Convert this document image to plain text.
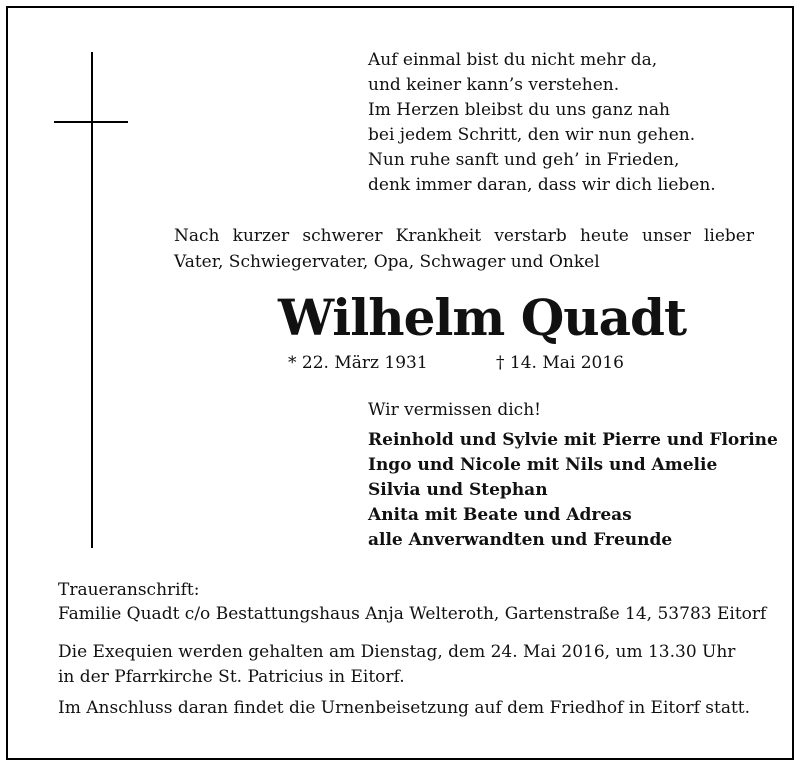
Auf einmal bist du nicht mehr da,
und keiner kann’s verstehen.
Im Herzen bleibst du uns ganz nah
bei jedem Schritt, den wir nun gehen.
Nun ruhe sanft und geh’ in Frieden,
denk immer daran, dass wir dich lieben.
Nach kurzer schwerer Krankheit verstarb heute unser lieber Vater, Schwiegervater, Opa, Schwager und Onkel
Wilhelm Quadt
* 22. März 1931	† 14. Mai 2016
Wir vermissen dich!
Reinhold und Sylvie mit Pierre und Florine
Ingo und Nicole mit Nils und Amelie
Silvia und Stephan
Anita mit Beate und Adreas
alle Anverwandten und Freunde
Traueranschrift:
Familie Quadt c/o Bestattungshaus Anja Welteroth, Gartenstraße 14, 53783 Eitorf
Die Exequien werden gehalten am Dienstag, dem 24. Mai 2016, um 13.30 Uhr in der Pfarrkirche St. Patricius in Eitorf.
Im Anschluss daran findet die Urnenbeisetzung auf dem Friedhof in Eitorf statt.
